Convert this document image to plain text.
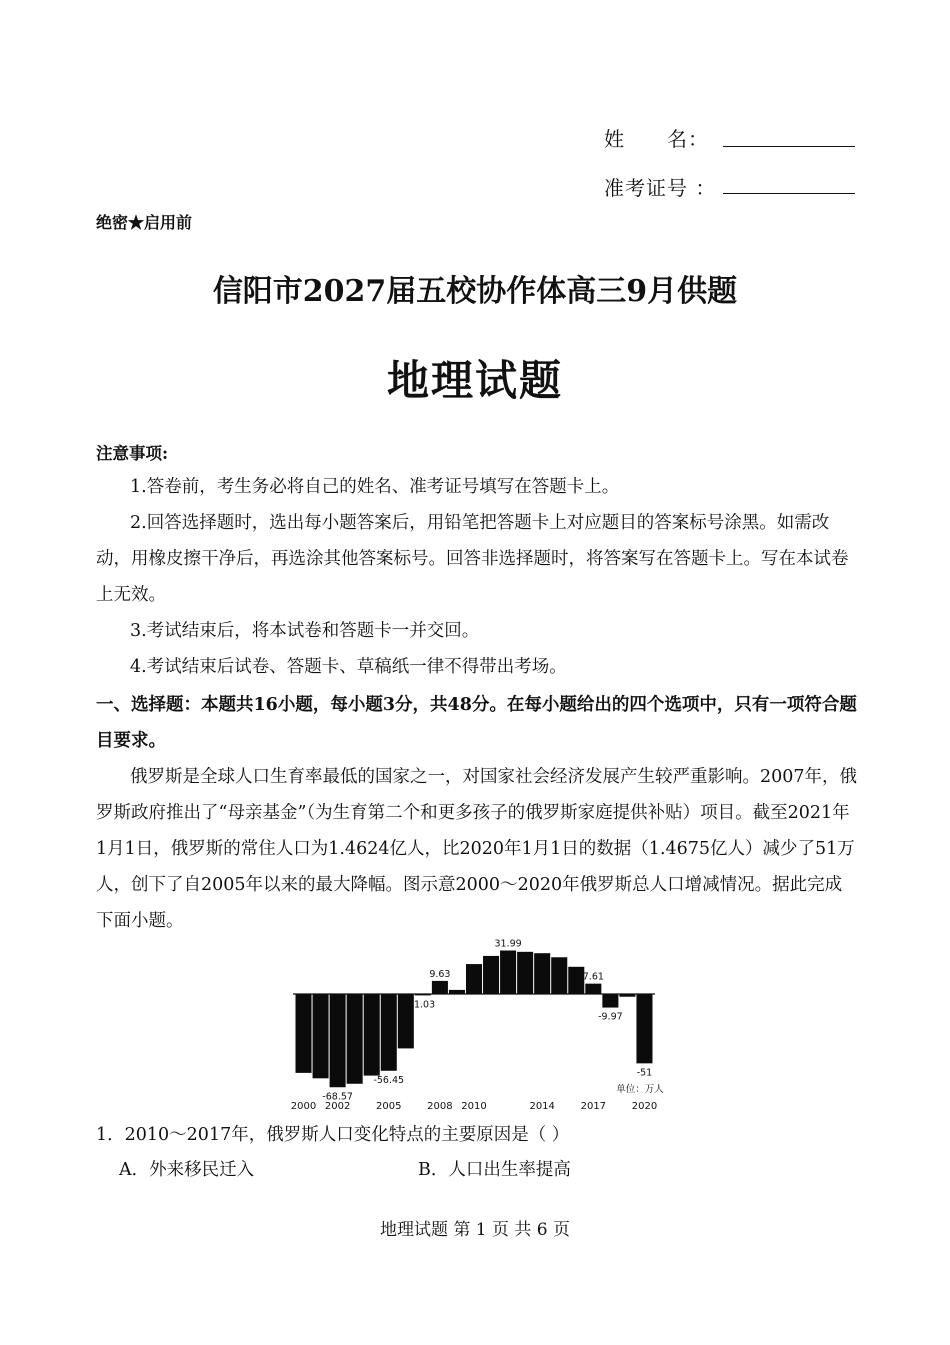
姓　　名：
准考证号 ：
绝密★启用前
信阳市2027届五校协作体高三9月供题
地理试题
注意事项:
1.答卷前，考生务必将自己的姓名、准考证号填写在答题卡上。
2.回答选择题时，选出每小题答案后，用铅笔把答题卡上对应题目的答案标号涂黑。如需改动，用橡皮擦干净后，再选涂其他答案标号。回答非选择题时，将答案写在答题卡上。写在本试卷上无效。
3.考试结束后，将本试卷和答题卡一并交回。
4.考试结束后试卷、答题卡、草稿纸一律不得带出考场。
一、选择题：本题共16小题，每小题3分，共48分。在每小题给出的四个选项中，只有一项符合题目要求。
俄罗斯是全球人口生育率最低的国家之一，对国家社会经济发展产生较严重影响。2007年，俄罗斯政府推出了“母亲基金”（为生育第二个和更多孩子的俄罗斯家庭提供补贴）项目。截至2021年1月1日，俄罗斯的常住人口为1.4624亿人，比2020年1月1日的数据（1.4675亿人）减少了51万人，创下了自2005年以来的最大降幅。图示意2000～2020年俄罗斯总人口增减情况。据此完成下面小题。
-68.57
-56.45
-1.03
9.63
31.99
7.61
-9.97
-51
2000 2002	2005	2008 2010	2014	2017	2020
单位：万人
1．2010～2017年，俄罗斯人口变化特点的主要原因是（ ）
A．外来移民迁入	B．人口出生率提高
地理试题 第 1 页 共 6 页
